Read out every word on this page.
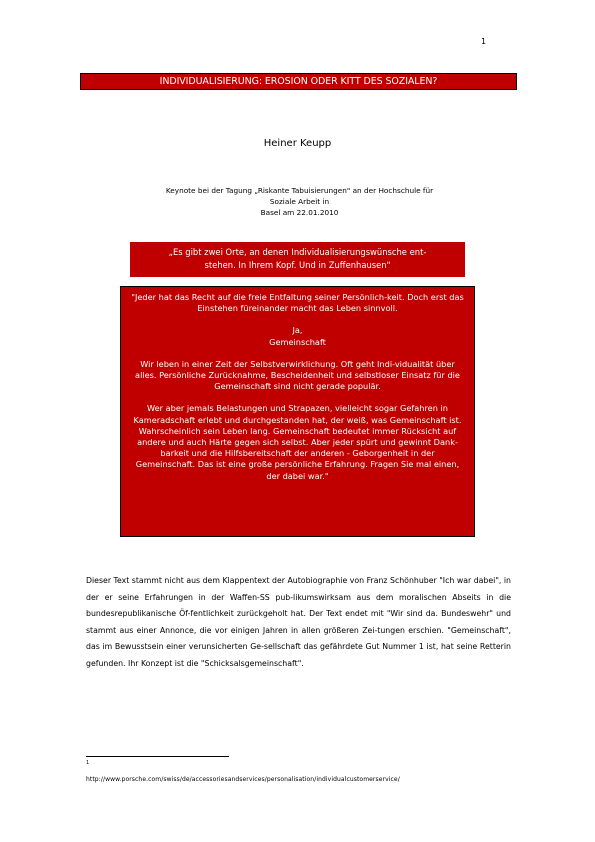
1
INDIVIDUALISIERUNG: EROSION ODER KITT DES SOZIALEN?
Heiner Keupp
Keynote bei der Tagung „Riskante Tabuisierungen" an der Hochschule für Soziale Arbeit in
Basel am 22.01.2010
„Es gibt zwei Orte, an denen Individualisierungswünsche ent-
stehen. In Ihrem Kopf. Und in Zuffenhausen"

"Jeder hat das Recht auf die freie Entfaltung seiner Persönlich-keit. Doch erst das Einstehen füreinander macht das Leben sinnvoll.

Ja,

Gemeinschaft

Wir leben in einer Zeit der Selbstverwirklichung. Oft geht Indi-vidualität über alles. Persönliche Zurücknahme, Bescheidenheit und selbstloser Einsatz für die Gemeinschaft sind nicht gerade populär.

Wer aber jemals Belastungen und Strapazen, vielleicht sogar Gefahren in Kameradschaft erlebt und durchgestanden hat, der weiß, was Gemeinschaft ist. Wahrscheinlich sein Leben lang. Gemeinschaft bedeutet immer Rücksicht auf andere und auch Härte gegen sich selbst. Aber jeder spürt und gewinnt Dank-barkeit und die Hilfsbereitschaft der anderen - Geborgenheit in der Gemeinschaft. Das ist eine große persönliche Erfahrung. Fragen Sie mal einen, der dabei war."

Dieser Text stammt nicht aus dem Klappentext der Autobiographie von Franz Schönhuber "Ich war dabei", in der er seine Erfahrungen in der Waffen-SS pub-likumswirksam aus dem moralischen Abseits in die bundesrepublikanische Öf-fentlichkeit zurückgeholt hat. Der Text endet mit "Wir sind da. Bundeswehr" und stammt aus einer Annonce, die vor einigen Jahren in allen größeren Zei-tungen erschien. "Gemeinschaft", das im Bewusstsein einer verunsicherten Ge-sellschaft das gefährdete Gut Nummer 1 ist, hat seine Retterin gefunden. Ihr Konzept ist die "Schicksalsgemeinschaft".
1
http://www.porsche.com/swiss/de/accessoriesandservices/personalisation/individualcustomerservice/
